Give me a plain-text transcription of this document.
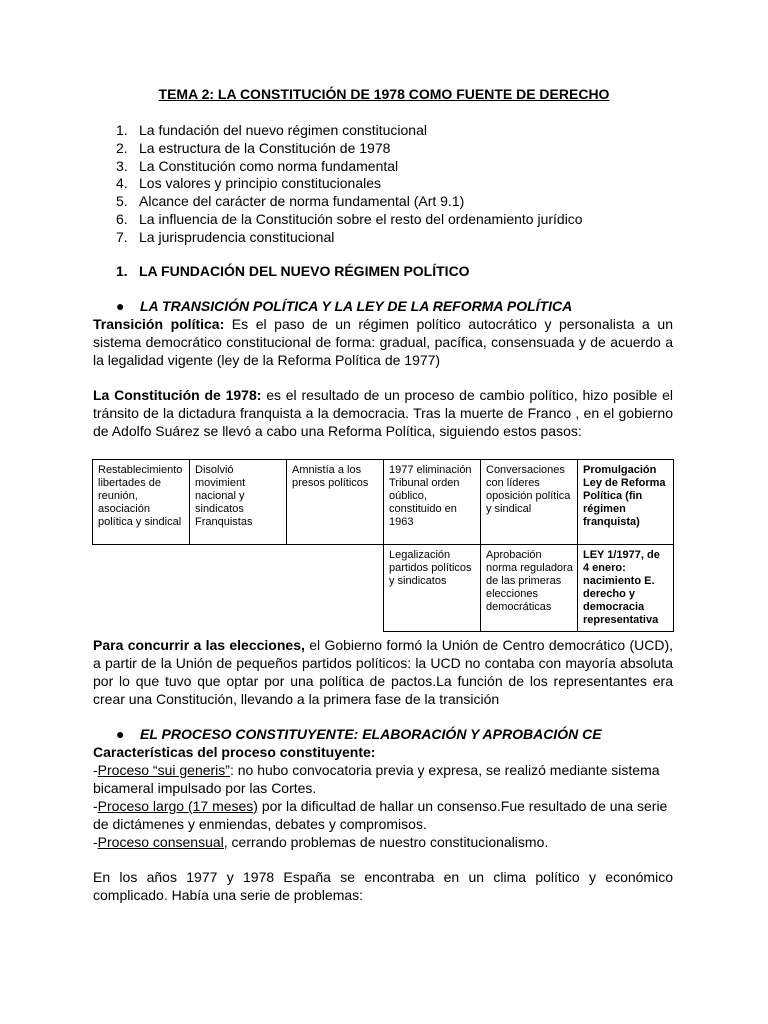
TEMA 2: LA CONSTITUCIÓN DE 1978 COMO FUENTE DE DERECHO
1. La fundación del nuevo régimen constitucional
2. La estructura de la Constitución de 1978
3. La Constitución como norma fundamental
4. Los valores y principio constitucionales
5. Alcance del carácter de norma fundamental (Art 9.1)
6. La influencia de la Constitución sobre el resto del ordenamiento jurídico
7. La jurisprudencia constitucional
1. LA FUNDACIÓN DEL NUEVO RÉGIMEN POLÍTICO
● LA TRANSICIÓN POLÍTICA Y LA LEY DE LA REFORMA POLÍTICA
Transición política: Es el paso de un régimen político autocrático y personalista a un sistema democrático constitucional de forma: gradual, pacífica, consensuada y de acuerdo a la legalidad vigente (ley de la Reforma Política de 1977)
La Constitución de 1978: es el resultado de un proceso de cambio político, hizo posible el tránsito de la dictadura franquista a la democracia. Tras la muerte de Franco , en el gobierno de Adolfo Suárez se llevó a cabo una Reforma Política, siguiendo estos pasos:
Restablecimiento libertades de reunión, asociación política y sindical	Disolvió movimient nacional y sindicatos Franquistas	Amnistía a los presos políticos	1977 eliminación Tribunal orden oúblico, constituido en 1963	Conversaciones con líderes oposición política y sindical	Promulgación Ley de Reforma Política (fin régimen franquista)
			Legalización partidos políticos y sindicatos	Aprobación norma reguladora de las primeras elecciones democráticas	LEY 1/1977, de 4 enero: nacimiento E. derecho y democracia representativa
Para concurrir a las elecciones, el Gobierno formó la Unión de Centro democrático (UCD), a partir de la Unión de pequeños partidos políticos: la UCD no contaba con mayoría absoluta por lo que tuvo que optar por una política de pactos.La función de los representantes era crear una Constitución, llevando a la primera fase de la transición
● EL PROCESO CONSTITUYENTE: ELABORACIÓN Y APROBACIÓN CE
Características del proceso constituyente:
-Proceso “sui generis”: no hubo convocatoria previa y expresa, se realizó mediante sistema bicameral impulsado por las Cortes.
-Proceso largo (17 meses) por la dificultad de hallar un consenso.Fue resultado de una serie de dictámenes y enmiendas, debates y compromisos.
-Proceso consensual, cerrando problemas de nuestro constitucionalismo.
En los años 1977 y 1978 España se encontraba en un clima político y económico complicado. Había una serie de problemas:
